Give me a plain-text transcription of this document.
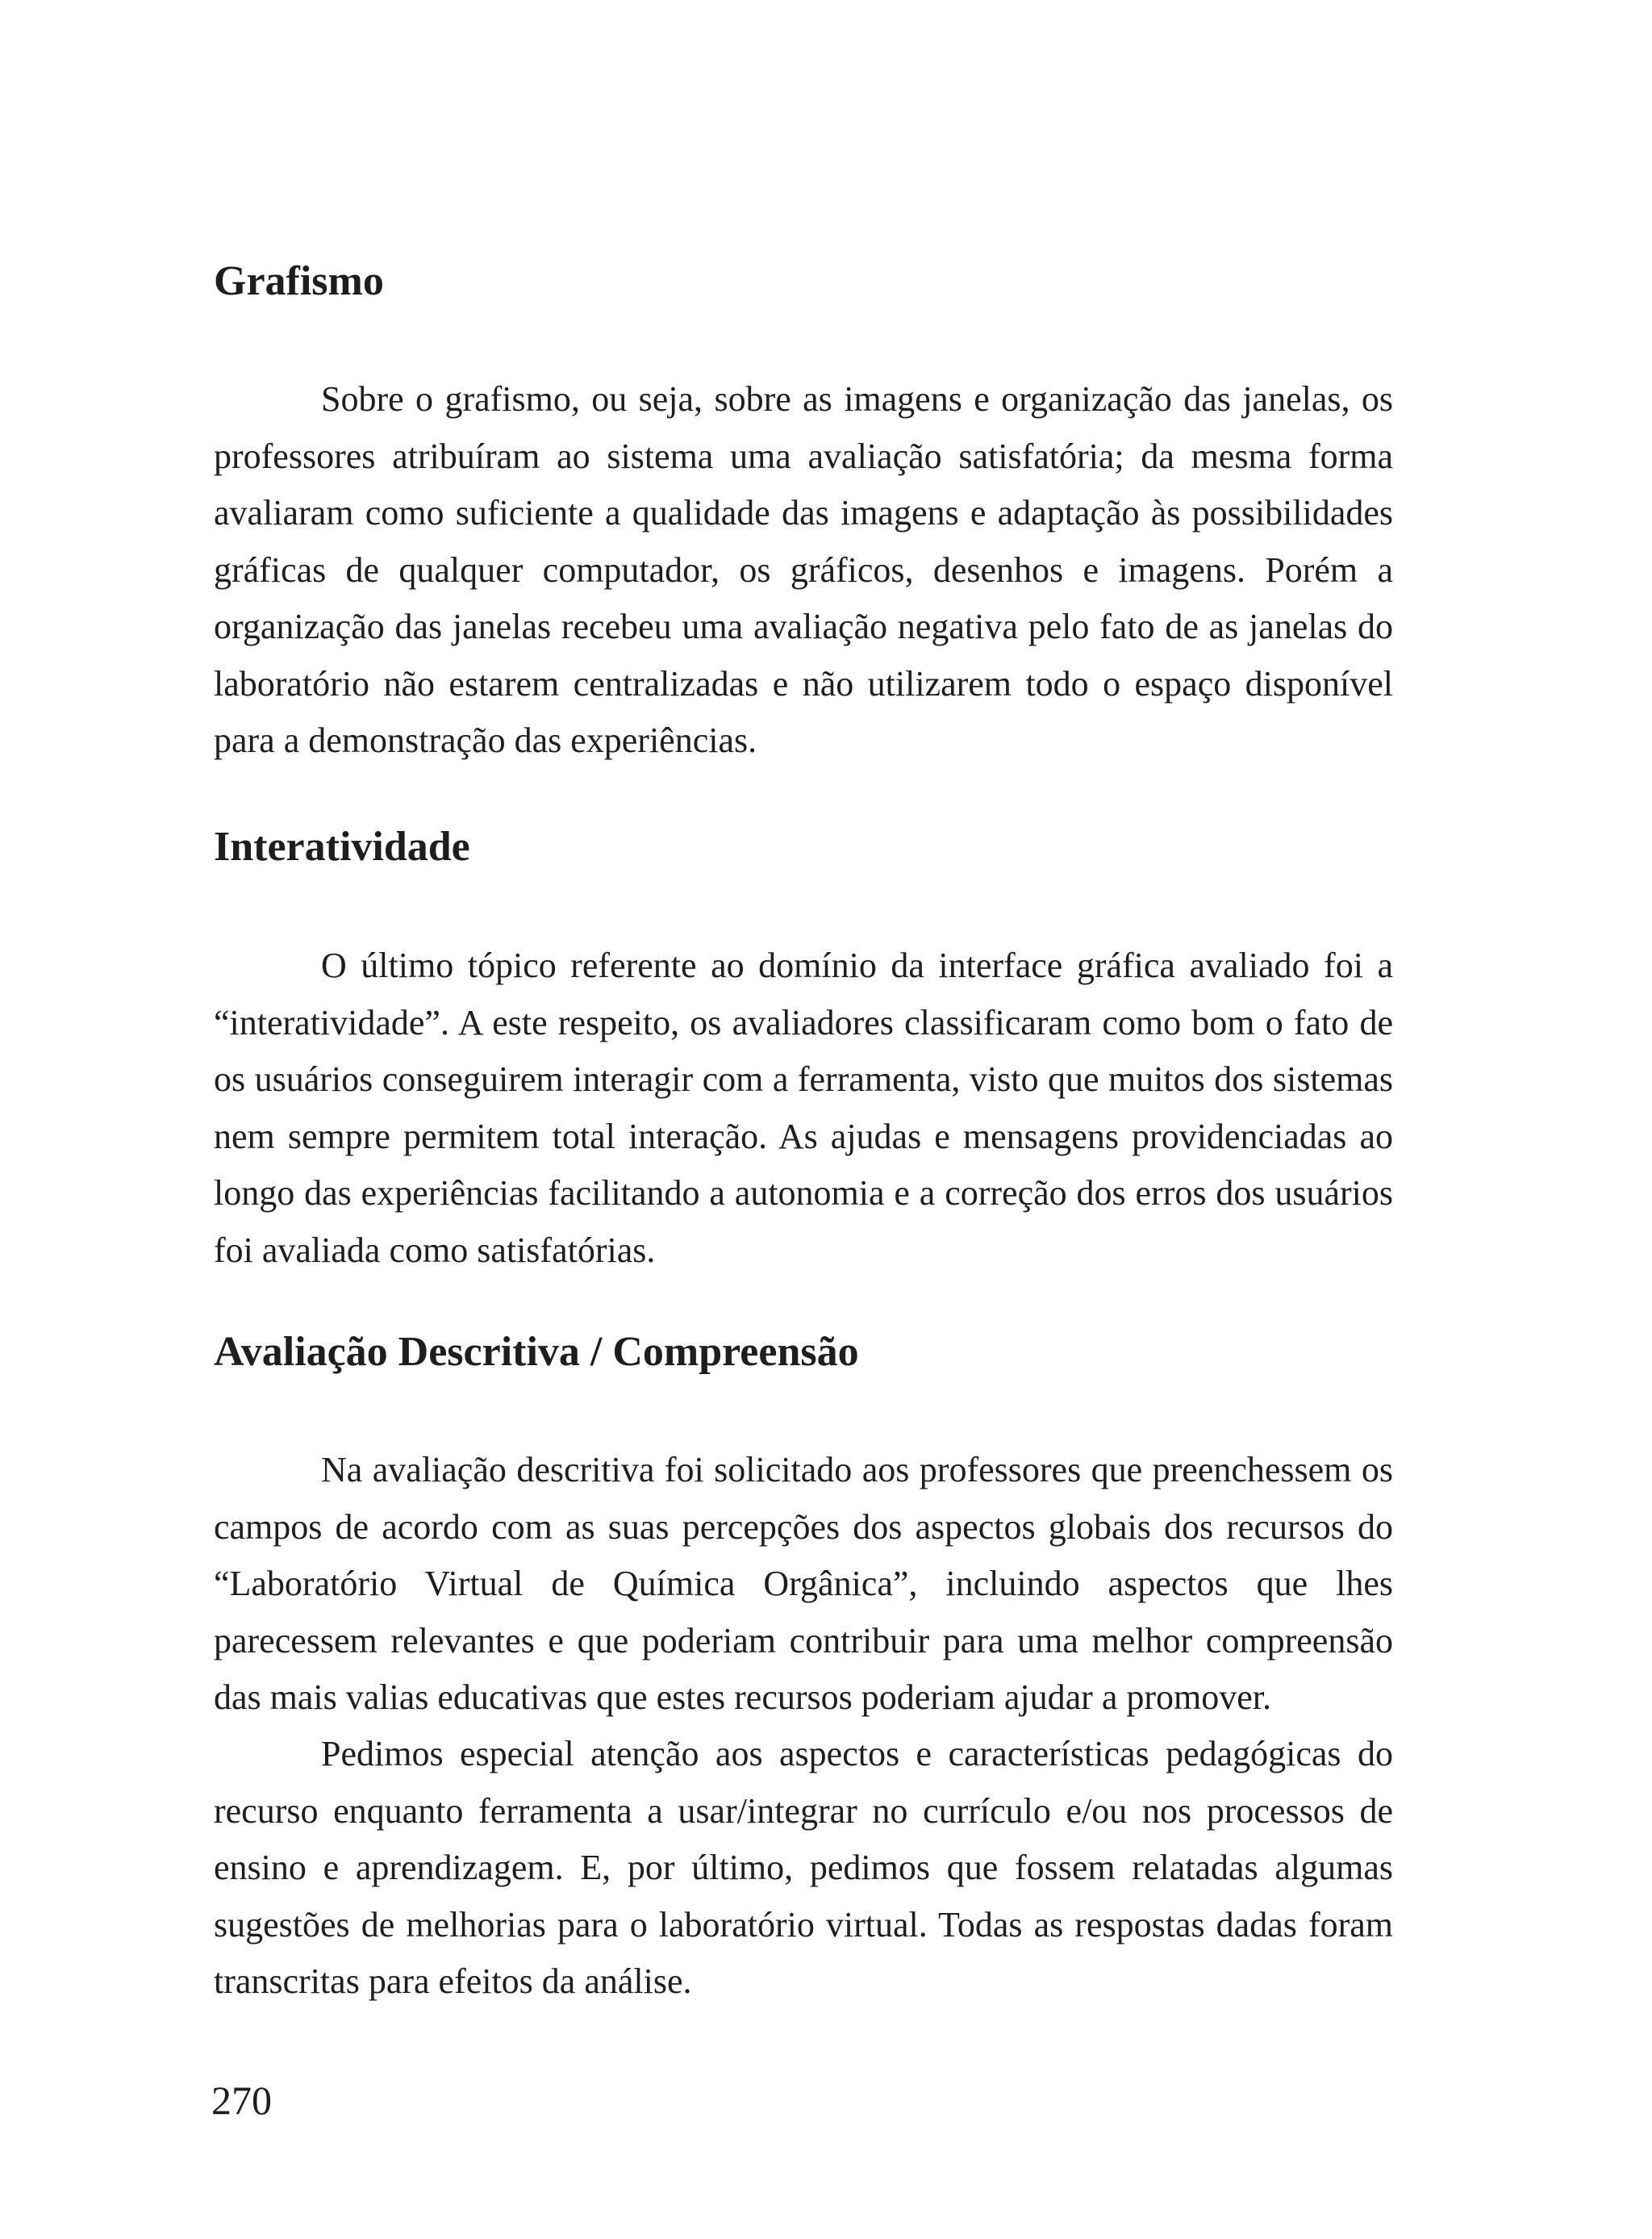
Grafismo

Sobre o grafismo, ou seja, sobre as imagens e organização das janelas, os professores atribuíram ao sistema uma avaliação satisfatória; da mesma forma avaliaram como suficiente a qualidade das imagens e adaptação às possibilidades gráficas de qualquer computador, os gráficos, desenhos e imagens. Porém a organização das janelas recebeu uma avaliação negativa pelo fato de as janelas do laboratório não estarem centralizadas e não utilizarem todo o espaço disponível para a demonstração das experiências.

Interatividade

O último tópico referente ao domínio da interface gráfica avaliado foi a “interatividade”. A este respeito, os avaliadores classificaram como bom o fato de os usuários conseguirem interagir com a ferramenta, visto que muitos dos sistemas nem sempre permitem total interação. As ajudas e mensagens providenciadas ao longo das experiências facilitando a autonomia e a correção dos erros dos usuários foi avaliada como satisfatórias.

Avaliação Descritiva / Compreensão

Na avaliação descritiva foi solicitado aos professores que preenchessem os campos de acordo com as suas percepções dos aspectos globais dos recursos do “Laboratório Virtual de Química Orgânica”, incluindo aspectos que lhes parecessem relevantes e que poderiam contribuir para uma melhor compreensão das mais valias educativas que estes recursos poderiam ajudar a promover.

Pedimos especial atenção aos aspectos e características pedagógicas do recurso enquanto ferramenta a usar/integrar no currículo e/ou nos processos de ensino e aprendizagem. E, por último, pedimos que fossem relatadas algumas sugestões de melhorias para o laboratório virtual. Todas as respostas dadas foram transcritas para efeitos da análise.

270
